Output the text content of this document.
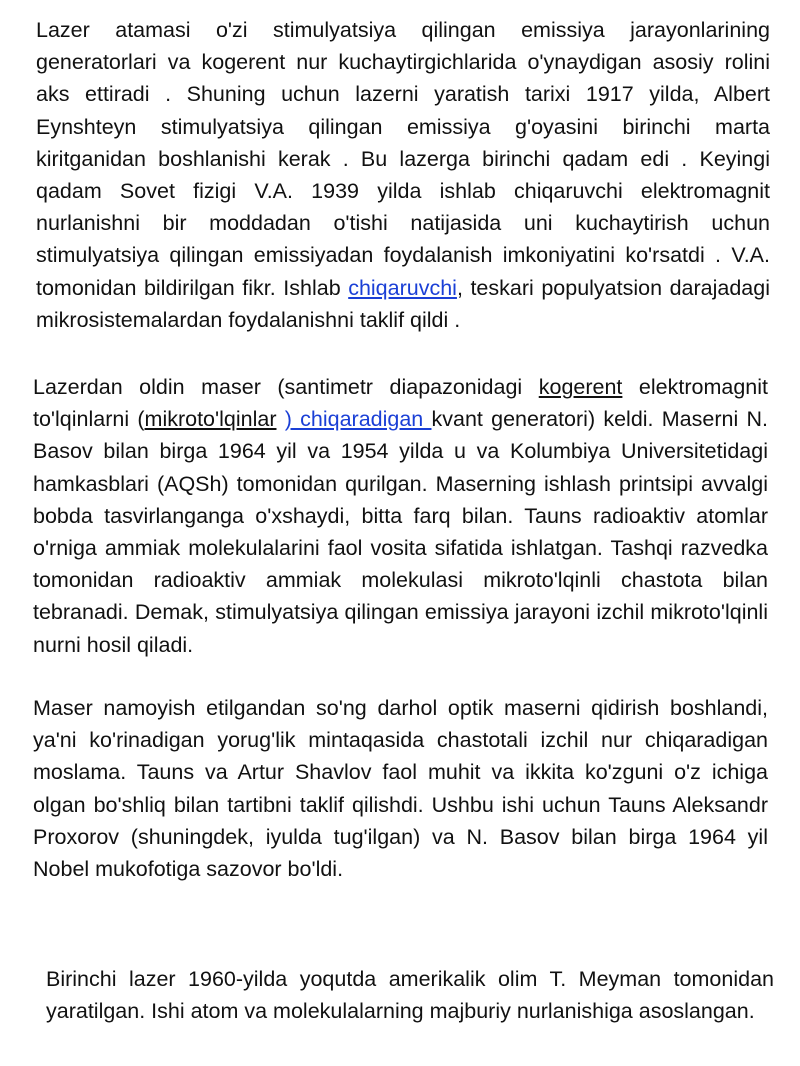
Lazer atamasi o'zi stimulyatsiya qilingan emissiya jarayonlarining generatorlari va kogerent nur kuchaytirgichlarida o'ynaydigan asosiy rolini aks ettiradi . Shuning uchun lazerni yaratish tarixi 1917 yilda, Albert Eynshteyn stimulyatsiya qilingan emissiya g'oyasini birinchi marta kiritganidan boshlanishi kerak . Bu lazerga birinchi qadam edi . Keyingi qadam Sovet fizigi V.A. 1939 yilda ishlab chiqaruvchi elektromagnit nurlanishni bir moddadan o'tishi natijasida uni kuchaytirish uchun stimulyatsiya qilingan emissiyadan foydalanish imkoniyatini ko'rsatdi . V.A. tomonidan bildirilgan fikr. Ishlab chiqaruvchi, teskari populyatsion darajadagi mikrosistemalardan foydalanishni taklif qildi .

Lazerdan oldin maser (santimetr diapazonidagi kogerent elektromagnit to'lqinlarni (mikroto'lqinlar ) chiqaradigan kvant generatori) keldi. Maserni N. Basov bilan birga 1964 yil va 1954 yilda u va Kolumbiya Universitetidagi hamkasblari (AQSh) tomonidan qurilgan. Maserning ishlash printsipi avvalgi bobda tasvirlanganga o'xshaydi, bitta farq bilan. Tauns radioaktiv atomlar o'rniga ammiak molekulalarini faol vosita sifatida ishlatgan. Tashqi razvedka tomonidan radioaktiv ammiak molekulasi mikroto'lqinli chastota bilan tebranadi. Demak, stimulyatsiya qilingan emissiya jarayoni izchil mikroto'lqinli nurni hosil qiladi.

Maser namoyish etilgandan so'ng darhol optik maserni qidirish boshlandi, ya'ni ko'rinadigan yorug'lik mintaqasida chastotali izchil nur chiqaradigan moslama. Tauns va Artur Shavlov faol muhit va ikkita ko'zguni o'z ichiga olgan bo'shliq bilan tartibni taklif qilishdi. Ushbu ishi uchun Tauns Aleksandr Proxorov (shuningdek, iyulda tug'ilgan) va N. Basov bilan birga 1964 yil Nobel mukofotiga sazovor bo'ldi.

Birinchi lazer 1960-yilda yoqutda amerikalik olim T. Meyman tomonidan yaratilgan. Ishi atom va molekulalarning majburiy nurlanishiga asoslangan.
